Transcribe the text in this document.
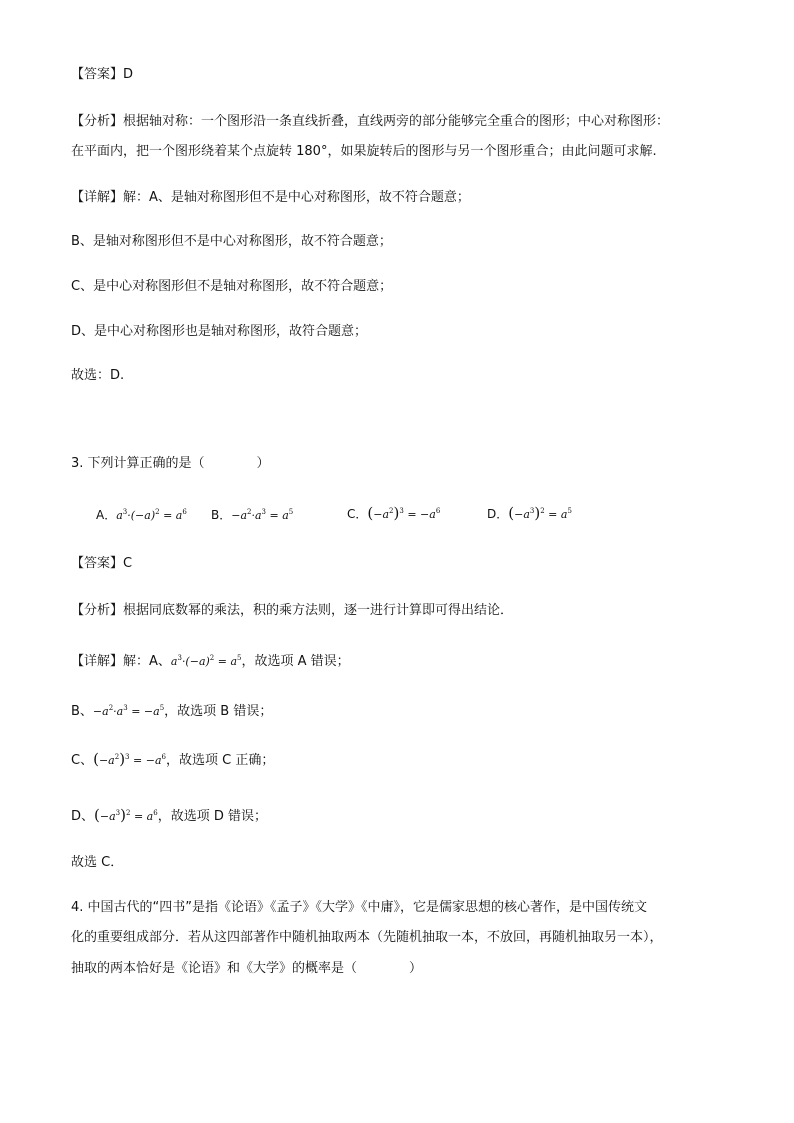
【答案】D
【分析】根据轴对称：一个图形沿一条直线折叠，直线两旁的部分能够完全重合的图形；中心对称图形：
在平面内，把一个图形绕着某个点旋转 180°，如果旋转后的图形与另一个图形重合；由此问题可求解.
【详解】解：A、是轴对称图形但不是中心对称图形，故不符合题意；
B、是轴对称图形但不是中心对称图形，故不符合题意；
C、是中心对称图形但不是轴对称图形，故不符合题意；
D、是中心对称图形也是轴对称图形，故符合题意；
故选：D.
3. 下列计算正确的是（　　　　）
A．$a^3\cdot(-a)^2 = a^6$ B．$-a^2\cdot a^3 = a^5$	C．$(-a^2)^3 = -a^6$	D．$(-a^3)^2 = a^5$
【答案】C
【分析】根据同底数幂的乘法，积的乘方法则，逐一进行计算即可得出结论．
【详解】解：A、$a^3\cdot(-a)^2 = a^5$，故选项 A 错误；
B、$-a^2\cdot a^3 = -a^5$，故选项 B 错误；
C、$(-a^2)^3 = -a^6$，故选项 C 正确；
D、$(-a^3)^2 = a^6$，故选项 D 错误；
故选 C．
4. 中国古代的“四书”是指《论语》《孟子》《大学》《中庸》，它是儒家思想的核心著作，是中国传统文
化的重要组成部分．若从这四部著作中随机抽取两本（先随机抽取一本，不放回，再随机抽取另一本），
抽取的两本恰好是《论语》和《大学》的概率是（　　　　）
